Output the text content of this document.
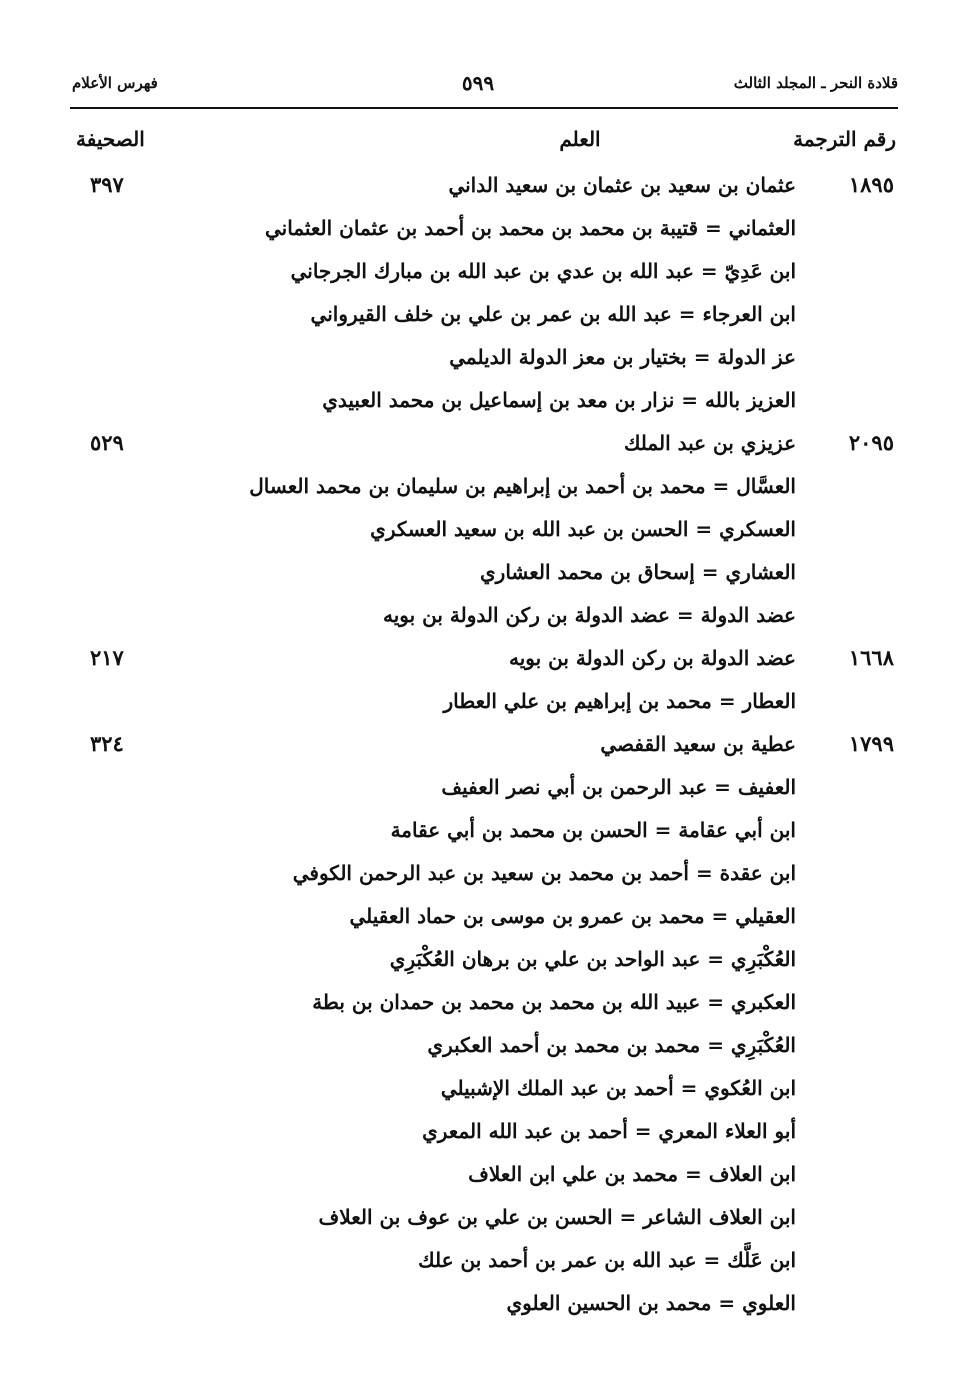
قلادة النحر ـ المجلد الثالث
٥٩٩
فهرس الأعلام
رقم الترجمة
العلم
الصحيفة
١٨٩٥
عثمان بن سعيد بن عثمان بن سعيد الداني
٣٩٧
العثماني = قتيبة بن محمد بن محمد بن أحمد بن عثمان العثماني
ابن عَدِيّ = عبد الله بن عدي بن عبد الله بن مبارك الجرجاني
ابن العرجاء = عبد الله بن عمر بن علي بن خلف القيرواني
عز الدولة = بختيار بن معز الدولة الديلمي
العزيز بالله = نزار بن معد بن إسماعيل بن محمد العبيدي
٢٠٩٥
عزيزي بن عبد الملك
٥٢٩
العسَّال = محمد بن أحمد بن إبراهيم بن سليمان بن محمد العسال
العسكري = الحسن بن عبد الله بن سعيد العسكري
العشاري = إسحاق بن محمد العشاري
عضد الدولة = عضد الدولة بن ركن الدولة بن بويه
١٦٦٨
عضد الدولة بن ركن الدولة بن بويه
٢١٧
العطار = محمد بن إبراهيم بن علي العطار
١٧٩٩
عطية بن سعيد القفصي
٣٢٤
العفيف = عبد الرحمن بن أبي نصر العفيف
ابن أبي عقامة = الحسن بن محمد بن أبي عقامة
ابن عقدة = أحمد بن محمد بن سعيد بن عبد الرحمن الكوفي
العقيلي = محمد بن عمرو بن موسى بن حماد العقيلي
العُكْبَرِي = عبد الواحد بن علي بن برهان العُكْبَرِي
العكبري = عبيد الله بن محمد بن محمد بن حمدان بن بطة
العُكْبَرِي = محمد بن محمد بن أحمد العكبري
ابن العُكوي = أحمد بن عبد الملك الإشبيلي
أبو العلاء المعري = أحمد بن عبد الله المعري
ابن العلاف = محمد بن علي ابن العلاف
ابن العلاف الشاعر = الحسن بن علي بن عوف بن العلاف
ابن عَلَّك = عبد الله بن عمر بن أحمد بن علك
العلوي = محمد بن الحسين العلوي
